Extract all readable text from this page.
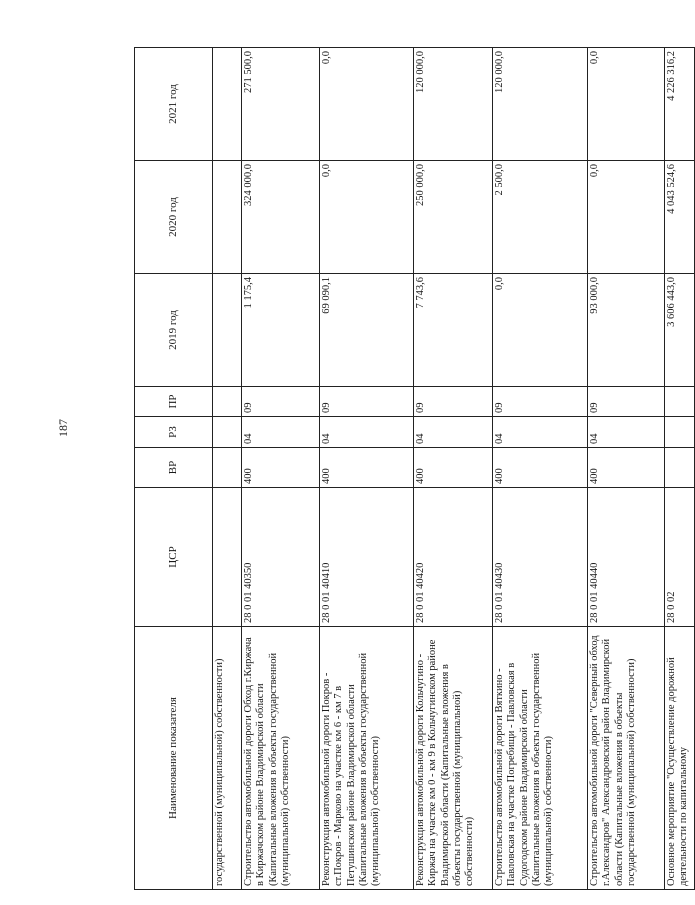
187
Наименование показателя	ЦСР	ВР	РЗ	ПР	2019 год	2020 год	2021 год
государственной (муниципальной) собственности)							
Строительство автомобильной дороги Обход г.Киржача в Киржачском районе Владимирской области (Капитальные вложения в объекты государственной (муниципальной) собственности)	28 0 01 40350	400	04	09	1 175,4	324 000,0	271 500,0
Реконструкция автомобильной дороги Покров - ст.Покров - Марково на участке км 6 - км 7 в Петушинском районе Владимирской области (Капитальные вложения в объекты государственной (муниципальной) собственности)	28 0 01 40410	400	04	09	69 090,1	0,0	0,0
Реконструкция автомобильной дороги Кольчугино - Киржач на участке км 0 - км 9 в Кольчугинском районе Владимирской области (Капитальные вложения в объекты государственной (муниципальной) собственности)	28 0 01 40420	400	04	09	7 743,6	250 000,0	120 000,0
Строительство автомобильной дороги Вяткино - Павловская на участке Погребищи - Павловская в Судогодском районе Владимирской области (Капитальные вложения в объекты государственной (муниципальной) собственности)	28 0 01 40430	400	04	09	0,0	2 500,0	120 000,0
Строительство автомобильной дороги "Северный обход г.Александров" Александровский район Владимирской области (Капитальные вложения в объекты государственной (муниципальной) собственности)	28 0 01 40440	400	04	09	93 000,0	0,0	0,0
Основное мероприятие "Осуществление дорожной деятельности по капитальному	28 0 02				3 606 443,0	4 043 524,6	4 226 316,2
